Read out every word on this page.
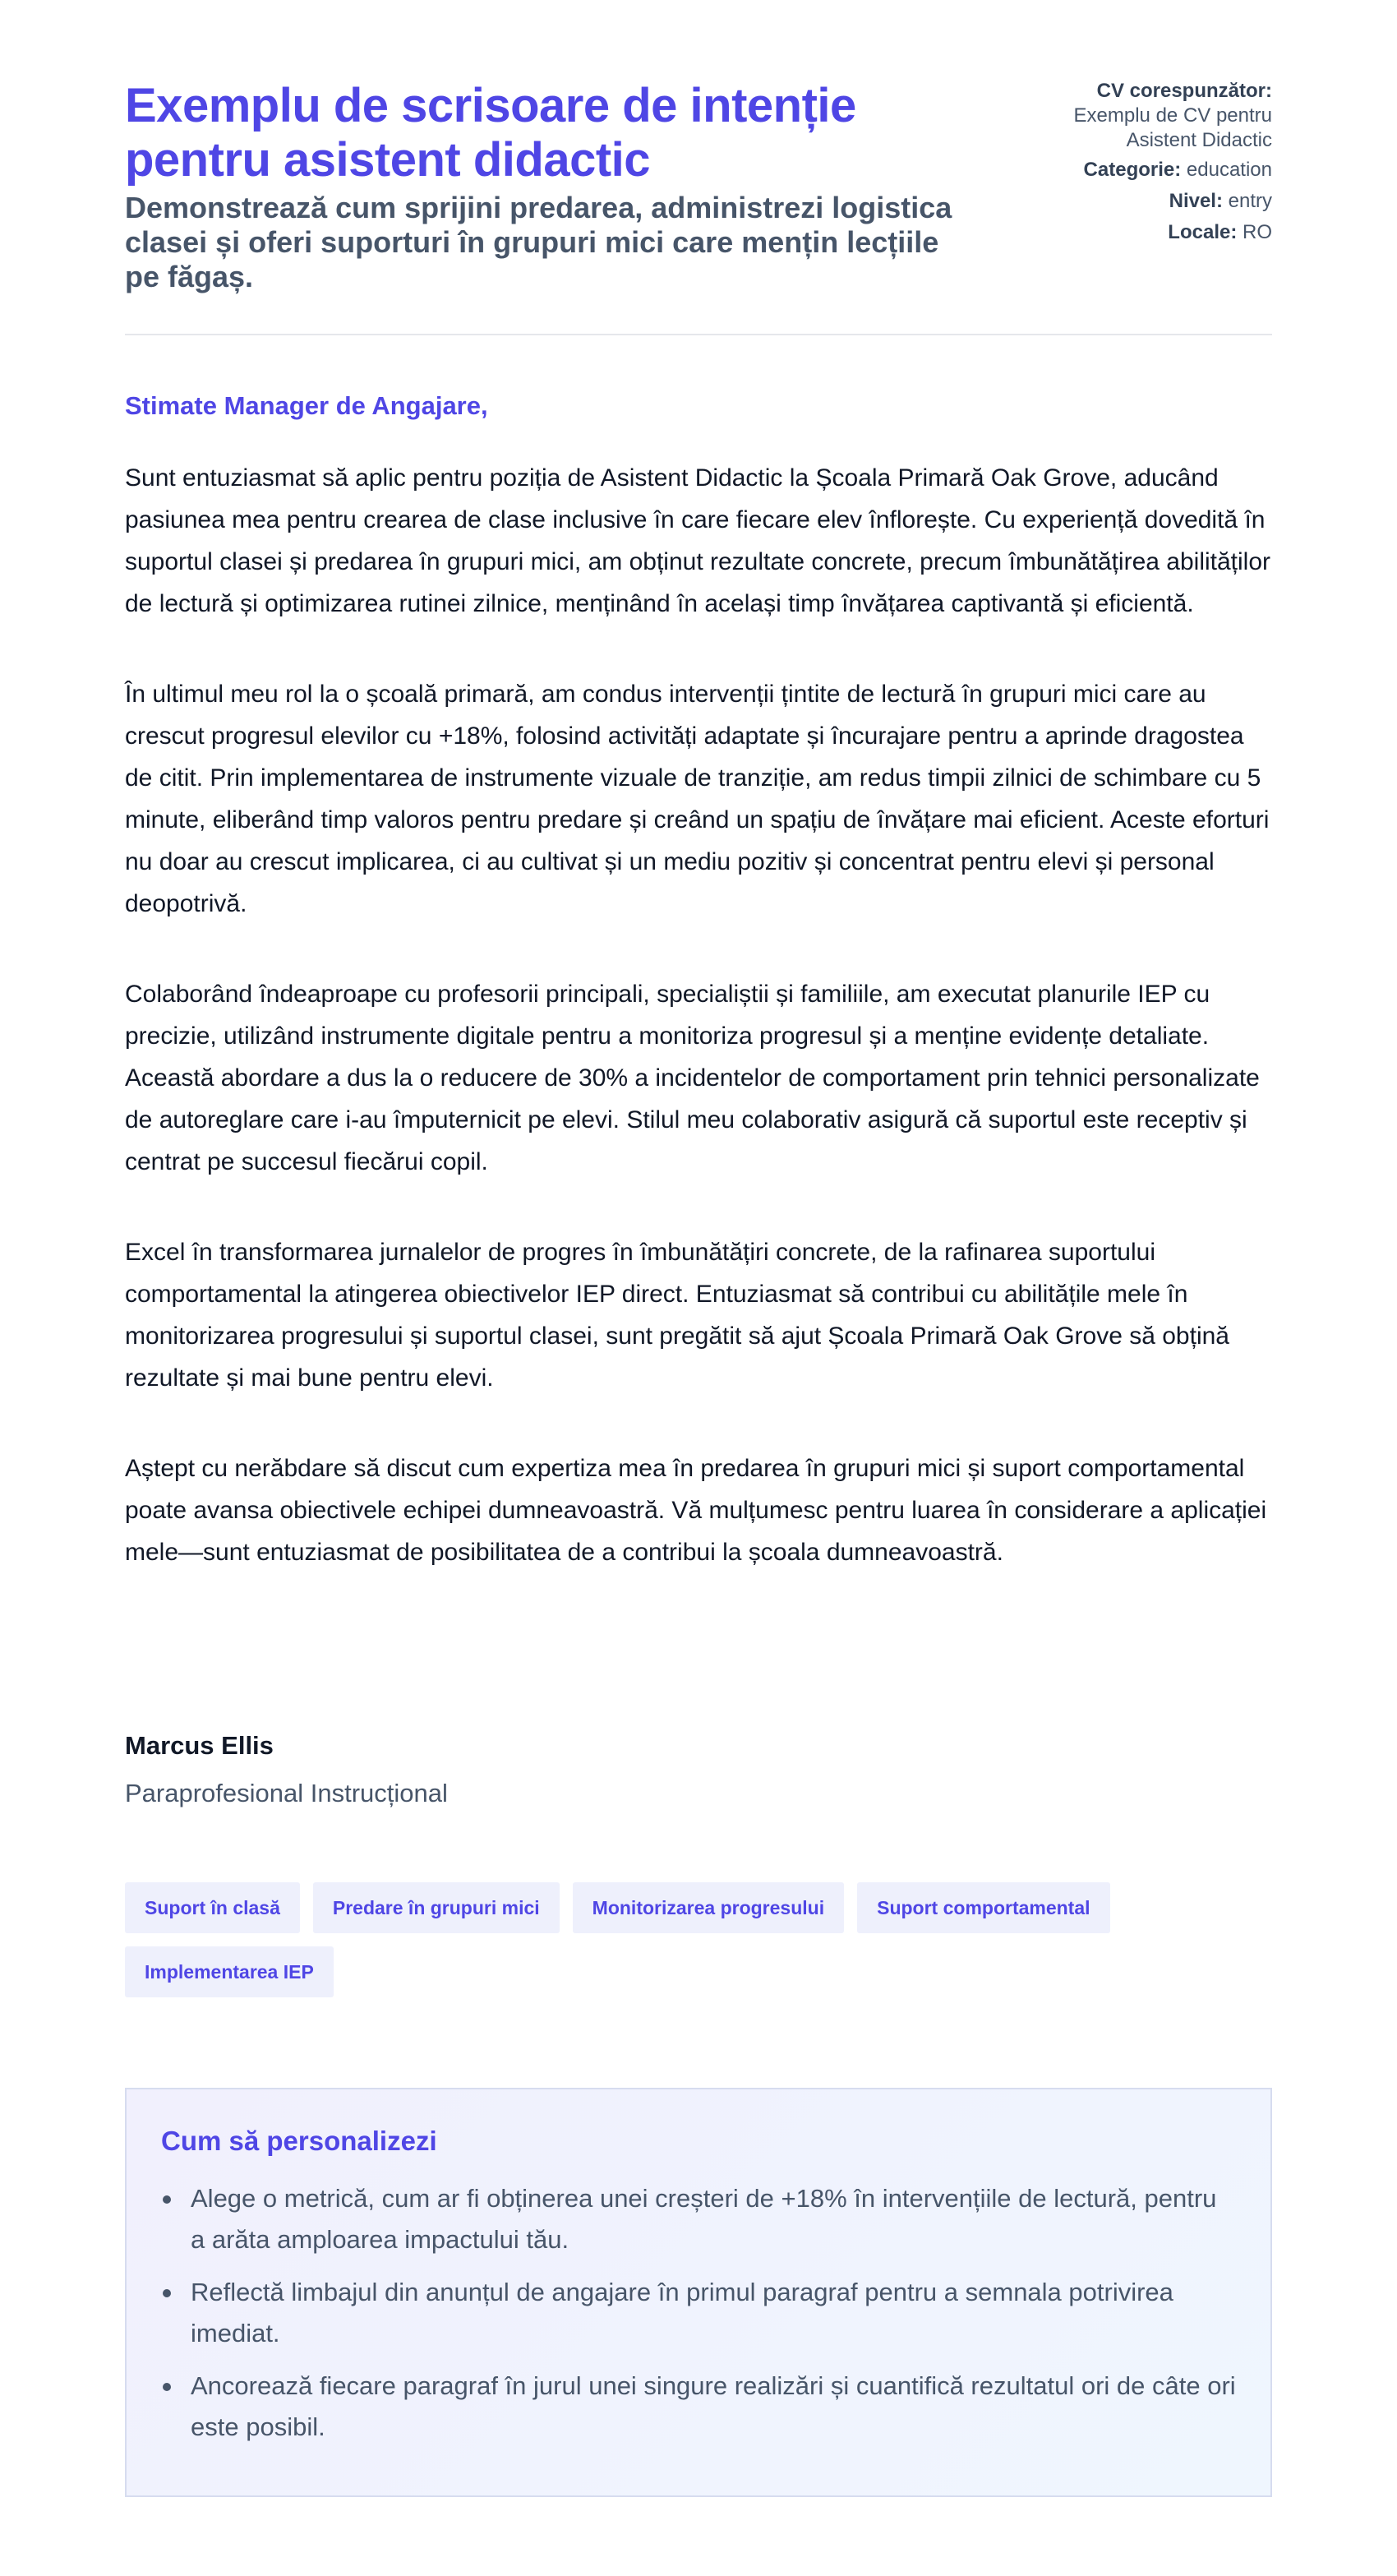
Exemplu de scrisoare de intenție pentru asistent didactic
Demonstrează cum sprijini predarea, administrezi logistica clasei și oferi suporturi în grupuri mici care mențin lecțiile pe făgaș.
CV corespunzător:
Exemplu de CV pentru Asistent Didactic
Categorie: education
Nivel: entry
Locale: RO
Stimate Manager de Angajare,

Sunt entuziasmat să aplic pentru poziția de Asistent Didactic la Școala Primară Oak Grove, aducând pasiunea mea pentru crearea de clase inclusive în care fiecare elev înflorește. Cu experiență dovedită în suportul clasei și predarea în grupuri mici, am obținut rezultate concrete, precum îmbunătățirea abilităților de lectură și optimizarea rutinei zilnice, menținând în același timp învățarea captivantă și eficientă.

În ultimul meu rol la o școală primară, am condus intervenții țintite de lectură în grupuri mici care au crescut progresul elevilor cu +18%, folosind activități adaptate și încurajare pentru a aprinde dragostea de citit. Prin implementarea de instrumente vizuale de tranziție, am redus timpii zilnici de schimbare cu 5 minute, eliberând timp valoros pentru predare și creând un spațiu de învățare mai eficient. Aceste eforturi nu doar au crescut implicarea, ci au cultivat și un mediu pozitiv și concentrat pentru elevi și personal deopotrivă.

Colaborând îndeaproape cu profesorii principali, specialiștii și familiile, am executat planurile IEP cu precizie, utilizând instrumente digitale pentru a monitoriza progresul și a menține evidențe detaliate. Această abordare a dus la o reducere de 30% a incidentelor de comportament prin tehnici personalizate de autoreglare care i-au împuternicit pe elevi. Stilul meu colaborativ asigură că suportul este receptiv și centrat pe succesul fiecărui copil.

Excel în transformarea jurnalelor de progres în îmbunătățiri concrete, de la rafinarea suportului comportamental la atingerea obiectivelor IEP direct. Entuziasmat să contribui cu abilitățile mele în monitorizarea progresului și suportul clasei, sunt pregătit să ajut Școala Primară Oak Grove să obțină rezultate și mai bune pentru elevi.

Aștept cu nerăbdare să discut cum expertiza mea în predarea în grupuri mici și suport comportamental poate avansa obiectivele echipei dumneavoastră. Vă mulțumesc pentru luarea în considerare a aplicației mele—sunt entuziasmat de posibilitatea de a contribui la școala dumneavoastră.

Marcus Ellis
Paraprofesional Instrucțional
Suport în clasă	Predare în grupuri mici	Monitorizarea progresului	Suport comportamental
Implementarea IEP
Cum să personalizezi
Alege o metrică, cum ar fi obținerea unei creșteri de +18% în intervențiile de lectură, pentru a arăta amploarea impactului tău.
Reflectă limbajul din anunțul de angajare în primul paragraf pentru a semnala potrivirea imediat.
Ancorează fiecare paragraf în jurul unei singure realizări și cuantifică rezultatul ori de câte ori este posibil.
